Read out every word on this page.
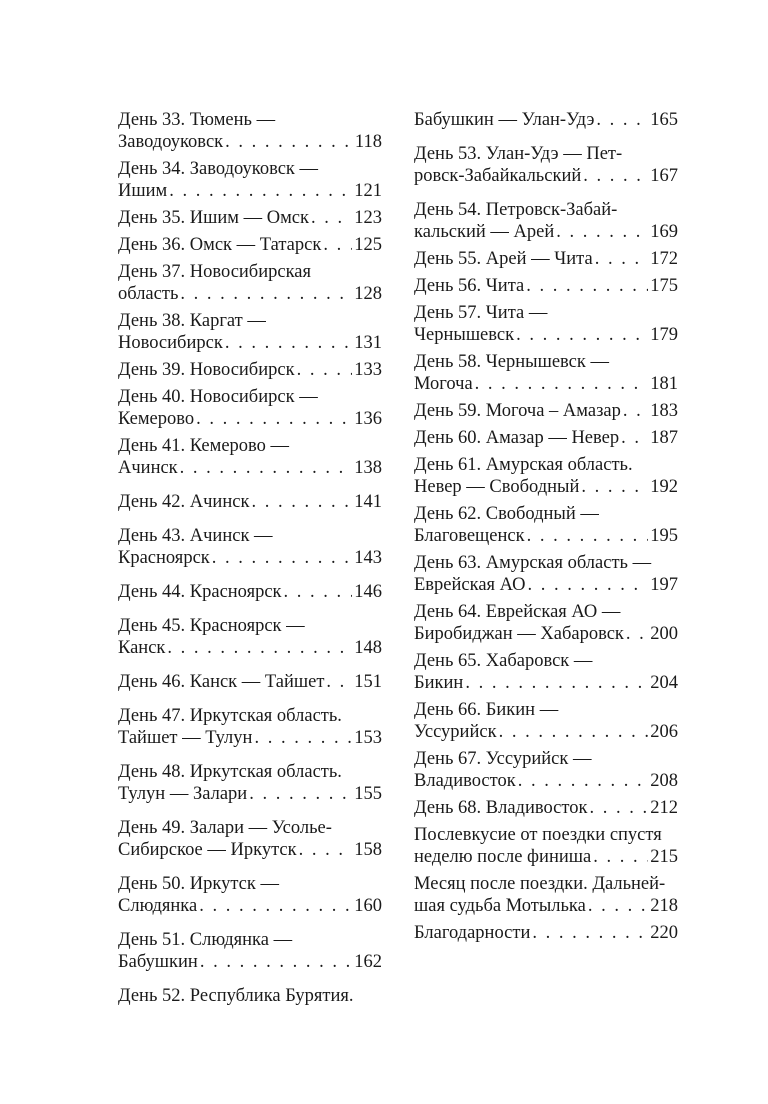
День 33. Тюмень —
Заводоуковск . . .	118
День 34. Заводоуковск —
Ишим . . .	121
День 35. Ишим — Омск . . . 123
День 36. Омск — Татарск . . . 125
День 37. Новосибирская
область . . .	128
День 38. Каргат —
Новосибирск . . .	131
День 39. Новосибирск . . .	133
День 40. Новосибирск —
Кемерово . . .	136
День 41. Кемерово —
Ачинск . . .	138
День 42. Ачинск . . .	141
День 43. Ачинск —
Красноярск . . .	143
День 44. Красноярск . . .	146
День 45. Красноярск —
Канск . . .	148
День 46. Канск — Тайшет . . . 151
День 47. Иркутская область.
Тайшет — Тулун . . .	153
День 48. Иркутская область.
Тулун — Залари . . .	155
День 49. Залари — Усолье-
Сибирское — Иркутск . . .	158
День 50. Иркутск —
Слюдянка . . .	160
День 51. Слюдянка —
Бабушкин . . .	162
День 52. Республика Бурятия.
Бабушкин — Улан-Удэ . . .	165
День 53. Улан-Удэ — Пет-
ровск-Забайкальский . . .	167
День 54. Петровск-Забай-
кальский — Арей . . .	169
День 55. Арей — Чита . . .	172
День 56. Чита . . .	175
День 57. Чита —
Чернышевск . . .	179
День 58. Чернышевск —
Могоча . . .	181
День 59. Могоча – Амазар . . . 183
День 60. Амазар — Невер . . . 187
День 61. Амурская область.
Невер — Свободный . . .	192
День 62. Свободный —
Благовещенск . . .	195
День 63. Амурская область —
Еврейская АО . . .	197
День 64. Еврейская АО —
Биробиджан — Хабаровск . . . 200
День 65. Хабаровск —
Бикин . . .	204
День 66. Бикин —
Уссурийск . . .	206
День 67. Уссурийск —
Владивосток . . .	208
День 68. Владивосток . . .	212
Послевкусие от поездки спустя
неделю после финиша . . .	215
Месяц после поездки. Дальней-
шая судьба Мотылька . . .	218
Благодарности . . .	220
